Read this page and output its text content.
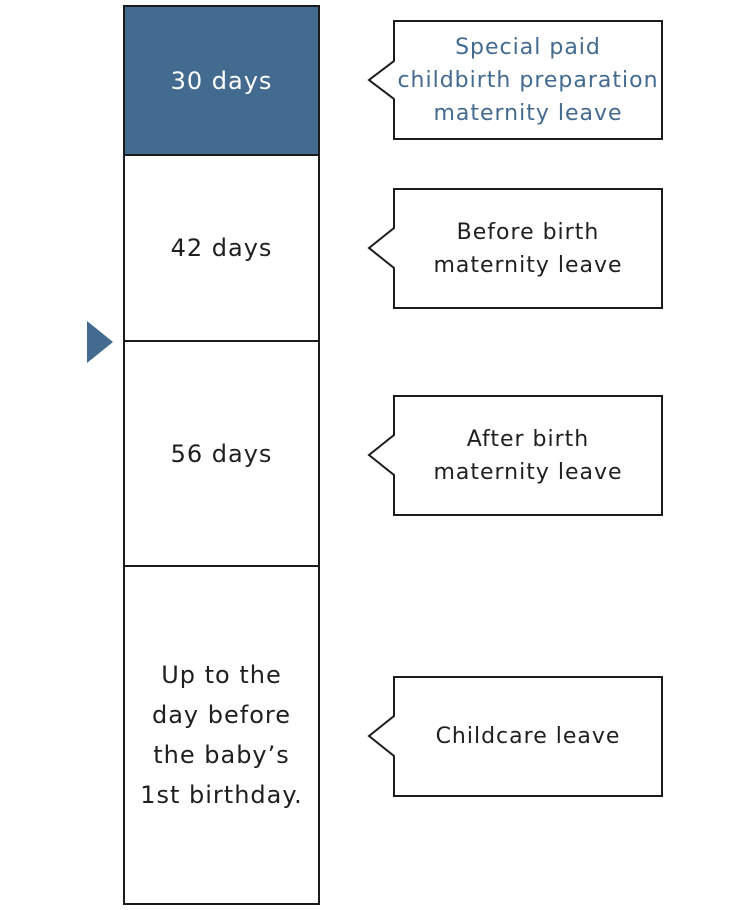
30 days
42 days
56 days
Up to the day before the baby’s 1st birthday.
Special paid
childbirth preparation
maternity leave
Before birth
maternity leave
After birth
maternity leave
Childcare leave
